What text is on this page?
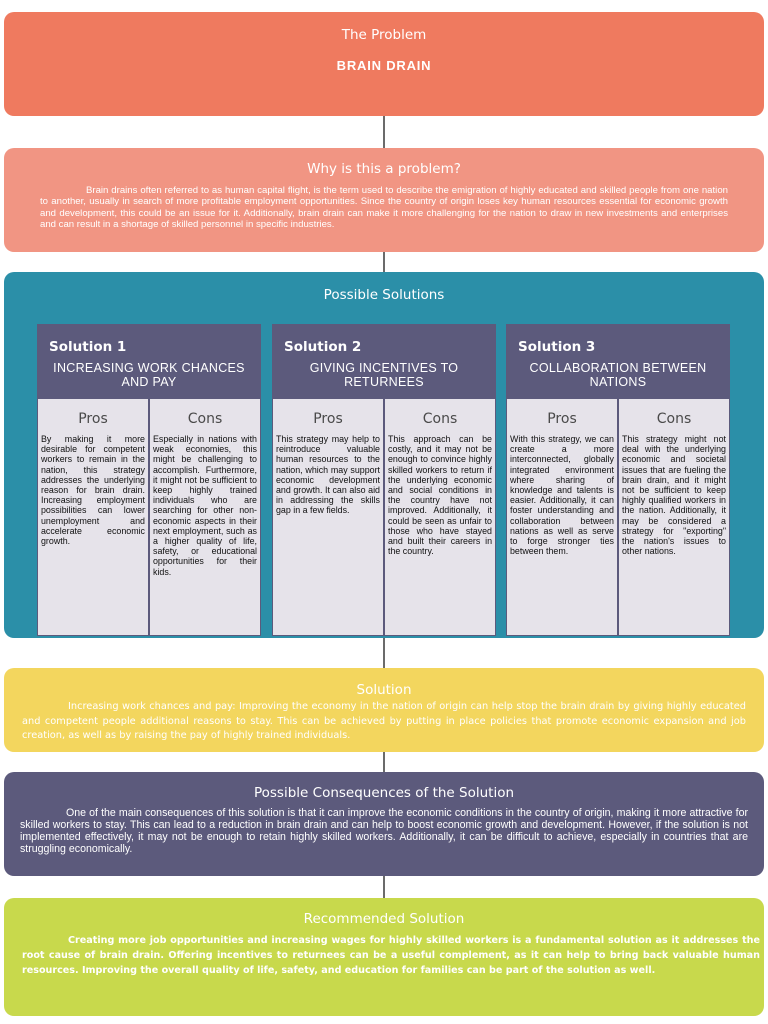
The Problem
BRAIN DRAIN
Why is this a problem?
Brain drains often referred to as human capital flight, is the term used to describe the emigration of highly educated and skilled people from one nation to another, usually in search of more profitable employment opportunities. Since the country of origin loses key human resources essential for economic growth and development, this could be an issue for it. Additionally, brain drain can make it more challenging for the nation to draw in new investments and enterprises and can result in a shortage of skilled personnel in specific industries.
Possible Solutions
Solution 1
INCREASING WORK CHANCES AND PAY
Pros
By making it more desirable for competent workers to remain in the nation, this strategy addresses the underlying reason for brain drain. Increasing employment possibilities can lower unemployment and accelerate economic growth.
Cons
Especially in nations with weak economies, this might be challenging to accomplish. Furthermore, it might not be sufficient to keep highly trained individuals who are searching for other non-economic aspects in their next employment, such as a higher quality of life, safety, or educational opportunities for their kids.
Solution 2
GIVING INCENTIVES TO RETURNEES
Pros
This strategy may help to reintroduce valuable human resources to the nation, which may support economic development and growth. It can also aid in addressing the skills gap in a few fields.
Cons
This approach can be costly, and it may not be enough to convince highly skilled workers to return if the underlying economic and social conditions in the country have not improved. Additionally, it could be seen as unfair to those who have stayed and built their careers in the country.
Solution 3
COLLABORATION BETWEEN NATIONS
Pros
With this strategy, we can create a more interconnected, globally integrated environment where sharing of knowledge and talents is easier. Additionally, it can foster understanding and collaboration between nations as well as serve to forge stronger ties between them.
Cons
This strategy might not deal with the underlying economic and societal issues that are fueling the brain drain, and it might not be sufficient to keep highly qualified workers in the nation. Additionally, it may be considered a strategy for "exporting" the nation's issues to other nations.
Solution
Increasing work chances and pay: Improving the economy in the nation of origin can help stop the brain drain by giving highly educated and competent people additional reasons to stay. This can be achieved by putting in place policies that promote economic expansion and job creation, as well as by raising the pay of highly trained individuals.
Possible Consequences of the Solution
One of the main consequences of this solution is that it can improve the economic conditions in the country of origin, making it more attractive for skilled workers to stay. This can lead to a reduction in brain drain and can help to boost economic growth and development. However, if the solution is not implemented effectively, it may not be enough to retain highly skilled workers. Additionally, it can be difficult to achieve, especially in countries that are struggling economically.
Recommended Solution
Creating more job opportunities and increasing wages for highly skilled workers is a fundamental solution as it addresses the root cause of brain drain. Offering incentives to returnees can be a useful complement, as it can help to bring back valuable human resources. Improving the overall quality of life, safety, and education for families can be part of the solution as well.
